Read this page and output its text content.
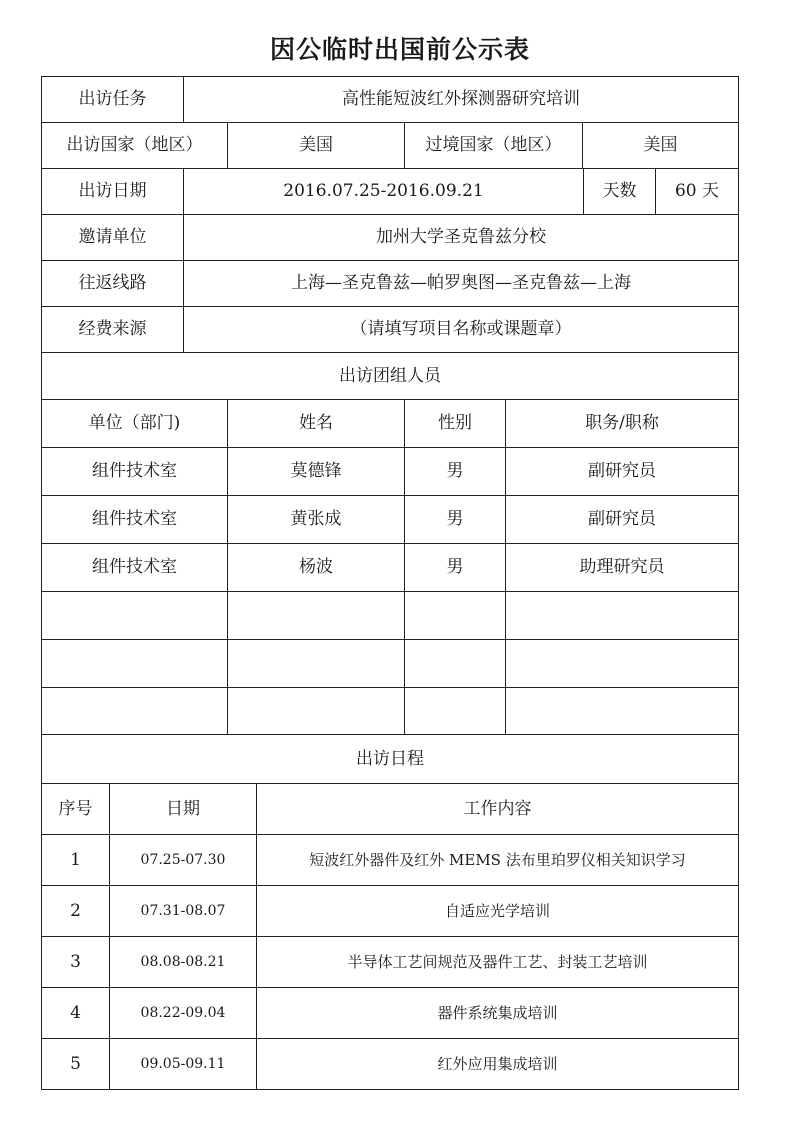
因公临时出国前公示表
出访任务	高性能短波红外探测器研究培训
出访国家（地区）	美国	过境国家（地区）	美国
出访日期	2016.07.25-2016.09.21	天数	60 天
邀请单位	加州大学圣克鲁兹分校
往返线路	上海—圣克鲁兹—帕罗奥图—圣克鲁兹—上海
经费来源	（请填写项目名称或课题章）
出访团组人员
单位（部门)	姓名	性别	职务/职称
组件技术室	莫德锋	男	副研究员
组件技术室	黄张成	男	副研究员
组件技术室	杨波	男	助理研究员
出访日程
序号	日期	工作内容
1	07.25-07.30	短波红外器件及红外 MEMS 法布里珀罗仪相关知识学习
2	07.31-08.07	自适应光学培训
3	08.08-08.21	半导体工艺间规范及器件工艺、封装工艺培训
4	08.22-09.04	器件系统集成培训
5	09.05-09.11	红外应用集成培训
